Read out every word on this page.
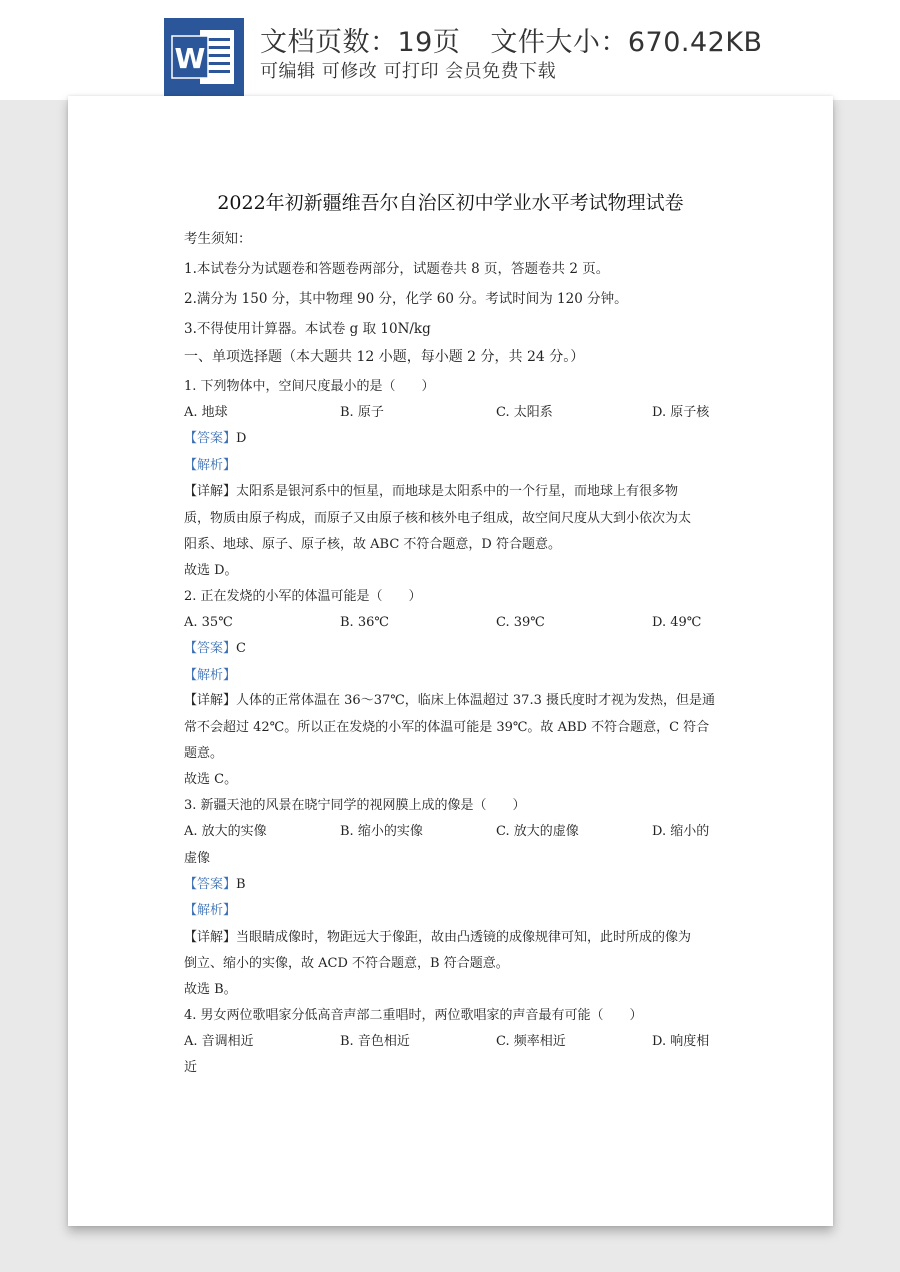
W 文档页数：19页 文件大小：670.42KB
可编辑 可修改 可打印 会员免费下载
2022年初新疆维吾尔自治区初中学业水平考试物理试卷
考生须知：
1.本试卷分为试题卷和答题卷两部分，试题卷共 8 页，答题卷共 2 页。
2.满分为 150 分，其中物理 90 分，化学 60 分。考试时间为 120 分钟。
3.不得使用计算器。本试卷 g 取 10N/kg
一、单项选择题（本大题共 12 小题，每小题 2 分，共 24 分。）
1. 下列物体中，空间尺度最小的是（　　）
A. 地球	B. 原子	C. 太阳系	D. 原子核
【答案】D
【解析】
【详解】太阳系是银河系中的恒星，而地球是太阳系中的一个行星，而地球上有很多物
质，物质由原子构成，而原子又由原子核和核外电子组成，故空间尺度从大到小依次为太
阳系、地球、原子、原子核，故 ABC 不符合题意，D 符合题意。
故选 D。
2. 正在发烧的小军的体温可能是（　　）
A. 35℃	B. 36℃	C. 39℃	D. 49℃
【答案】C
【解析】
【详解】人体的正常体温在 36～37℃，临床上体温超过 37.3 摄氏度时才视为发热，但是通
常不会超过 42℃。所以正在发烧的小军的体温可能是 39℃。故 ABD 不符合题意，C 符合
题意。
故选 C。
3. 新疆天池的风景在晓宁同学的视网膜上成的像是（　　）
A. 放大的实像	B. 缩小的实像	C. 放大的虚像	D. 缩小的
虚像
【答案】B
【解析】
【详解】当眼睛成像时，物距远大于像距，故由凸透镜的成像规律可知，此时所成的像为
倒立、缩小的实像，故 ACD 不符合题意，B 符合题意。
故选 B。
4. 男女两位歌唱家分低高音声部二重唱时，两位歌唱家的声音最有可能（　　）
A. 音调相近	B. 音色相近	C. 频率相近	D. 响度相
近
